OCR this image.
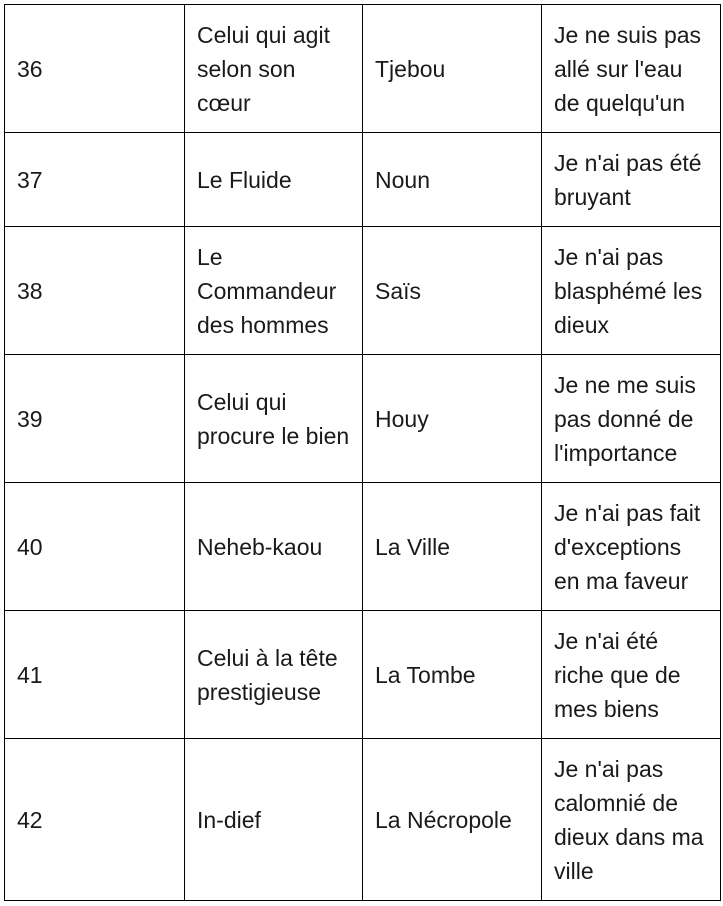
36	Celui qui agit selon son cœur	Tjebou	Je ne suis pas allé sur l'eau de quelqu'un
37	Le Fluide	Noun	Je n'ai pas été bruyant
38	Le Commandeur des hommes	Saïs	Je n'ai pas blasphémé les dieux
39	Celui qui procure le bien	Houy	Je ne me suis pas donné de l'importance
40	Neheb-kaou	La Ville	Je n'ai pas fait d'exceptions en ma faveur
41	Celui à la tête prestigieuse	La Tombe	Je n'ai été riche que de mes biens
42	In-dief	La Nécropole	Je n'ai pas calomnié de dieux dans ma ville
